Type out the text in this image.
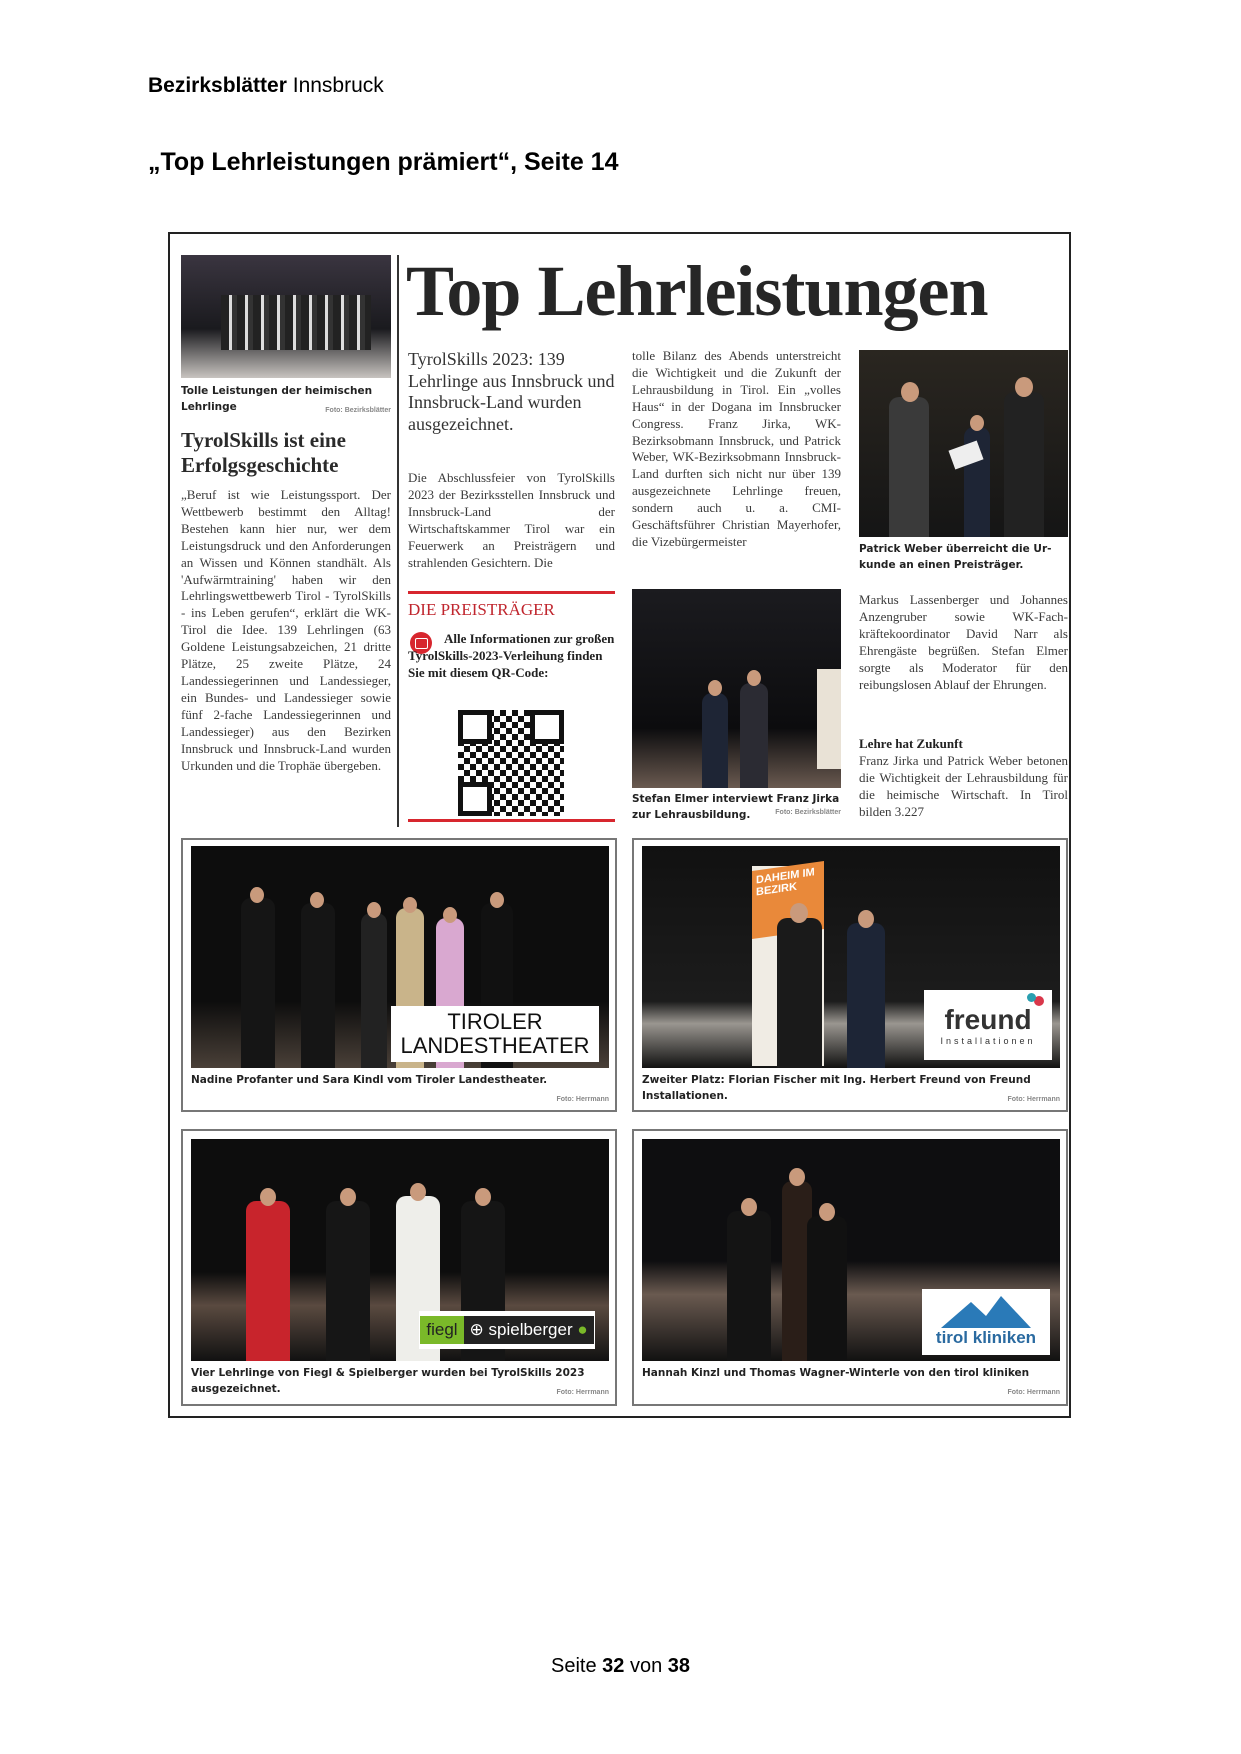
Bezirksblätter Innsbruck
„Top Lehrleistungen prämiert“, Seite 14
Tolle Leistungen der heimischen Lehrlinge	Foto: Bezirksblätter
TyrolSkills ist eine Erfolgsgeschichte
„Beruf ist wie Leistungssport. Der Wettbewerb bestimmt den Alltag! Bestehen kann hier nur, wer dem Leistungsdruck und den Anforderungen an Wissen und Können standhält. Als 'Aufwärmtraining' haben wir den Lehrlingswettbewerb Tirol - TyrolSkills - ins Leben gerufen“, erklärt die WK-Tirol die Idee. 139 Lehrlingen (63 Goldene Leistungsabzeichen, 21 dritte Plätze, 25 zweite Plätze, 24 Landessiegerinnen und Landessieger, ein Bundes- und Landessieger sowie fünf 2-fache Landessiegerinnen und Landessieger) aus den Bezirken Innsbruck und Innsbruck-Land wurden Urkunden und die Trophäe übergeben.
Top Lehrleistungen
TyrolSkills 2023: 139 Lehrlinge aus Innsbruck und Innsbruck-Land wurden ausgezeichnet.
Die Abschlussfeier von TyrolSkills 2023 der Bezirksstellen Innsbruck und Innsbruck-Land der Wirtschaftskammer Tirol war ein Feuerwerk an Preisträgern und strahlenden Gesichtern. Die
DIE PREISTRÄGER
Alle Informationen zur großen TyrolSkills-2023-Verleihung finden Sie mit diesem QR-Code:
tolle Bilanz des Abends unterstreicht die Wichtigkeit und die Zukunft der Lehrausbildung in Tirol. Ein „volles Haus“ in der Dogana im Innsbrucker Congress. Franz Jirka, WK-Bezirksobmann Innsbruck, und Patrick Weber, WK-Bezirksobmann Innsbruck-Land durften sich nicht nur über 139 ausgezeichnete Lehrlinge freuen, sondern auch u. a. CMI-Geschäftsführer Christian Mayerhofer, die Vizebürgermeister
Stefan Elmer interviewt Franz Jirka zur Lehrausbildung.	Foto: Bezirksblätter
Patrick Weber überreicht die Urkunde an einen Preisträger.
Markus Lassenberger und Johannes Anzengruber sowie WK-Fachkräftekoordinator David Narr als Ehrengäste begrüßen. Stefan Elmer sorgte als Moderator für den reibungslosen Ablauf der Ehrungen.
Lehre hat Zukunft
Franz Jirka und Patrick Weber betonen die Wichtigkeit der Lehrausbildung für die heimische Wirtschaft. In Tirol bilden 3.227
TIROLER
LANDESTHEATER
Nadine Profanter und Sara Kindl vom Tiroler Landestheater.

Foto: Herrmann
DAHEIM IM BEZIRK
freund
Installationen
Zweiter Platz: Florian Fischer mit Ing. Herbert Freund von Freund Installationen.	Foto: Herrmann
fiegl ⊕ spielberger ●
Vier Lehrlinge von Fiegl & Spielberger wurden bei TyrolSkills 2023 ausgezeichnet.	Foto: Herrmann
tirol kliniken
Hannah Kinzl und Thomas Wagner-Winterle von den tirol kliniken
Foto: Herrmann
Seite 32 von 38
